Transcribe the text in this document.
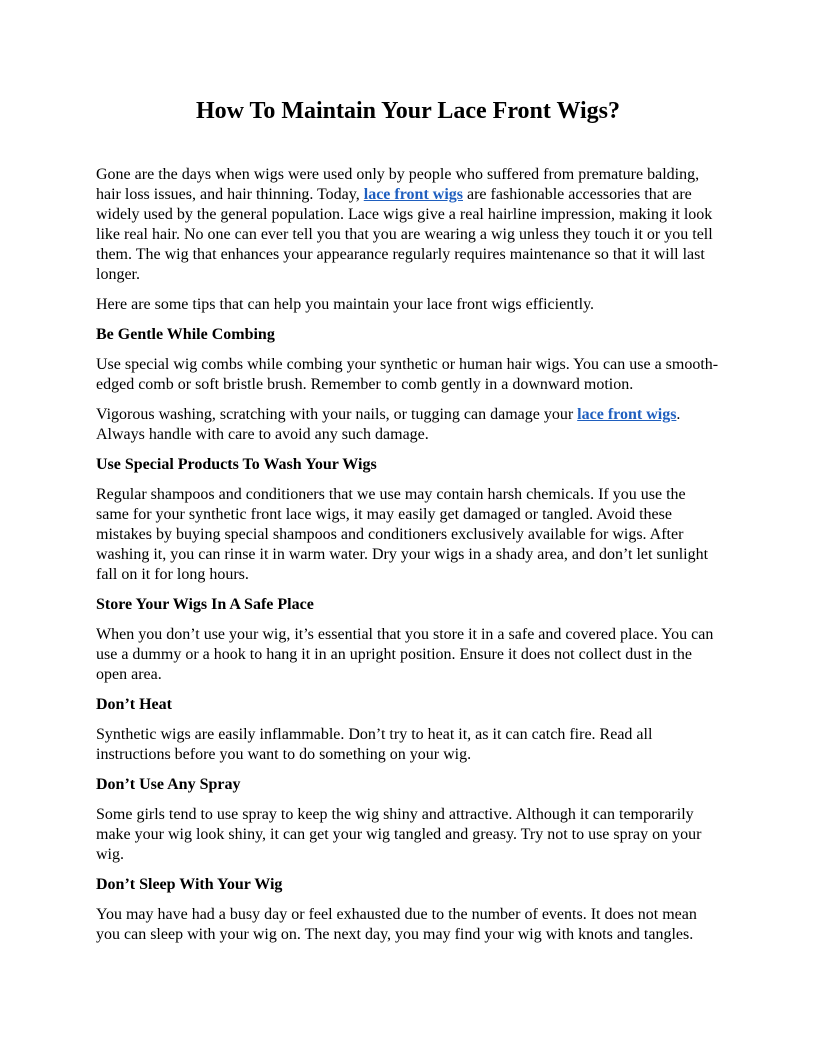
How To Maintain Your Lace Front Wigs?

Gone are the days when wigs were used only by people who suffered from premature balding, hair loss issues, and hair thinning. Today, lace front wigs are fashionable accessories that are widely used by the general population. Lace wigs give a real hairline impression, making it look like real hair. No one can ever tell you that you are wearing a wig unless they touch it or you tell them. The wig that enhances your appearance regularly requires maintenance so that it will last longer.

Here are some tips that can help you maintain your lace front wigs efficiently.

Be Gentle While Combing

Use special wig combs while combing your synthetic or human hair wigs. You can use a smooth-edged comb or soft bristle brush. Remember to comb gently in a downward motion.

Vigorous washing, scratching with your nails, or tugging can damage your lace front wigs. Always handle with care to avoid any such damage.

Use Special Products To Wash Your Wigs

Regular shampoos and conditioners that we use may contain harsh chemicals. If you use the same for your synthetic front lace wigs, it may easily get damaged or tangled. Avoid these mistakes by buying special shampoos and conditioners exclusively available for wigs. After washing it, you can rinse it in warm water. Dry your wigs in a shady area, and don’t let sunlight fall on it for long hours.

Store Your Wigs In A Safe Place

When you don’t use your wig, it’s essential that you store it in a safe and covered place. You can use a dummy or a hook to hang it in an upright position. Ensure it does not collect dust in the open area.

Don’t Heat

Synthetic wigs are easily inflammable. Don’t try to heat it, as it can catch fire. Read all instructions before you want to do something on your wig.

Don’t Use Any Spray

Some girls tend to use spray to keep the wig shiny and attractive. Although it can temporarily make your wig look shiny, it can get your wig tangled and greasy. Try not to use spray on your wig.

Don’t Sleep With Your Wig

You may have had a busy day or feel exhausted due to the number of events. It does not mean you can sleep with your wig on. The next day, you may find your wig with knots and tangles.
